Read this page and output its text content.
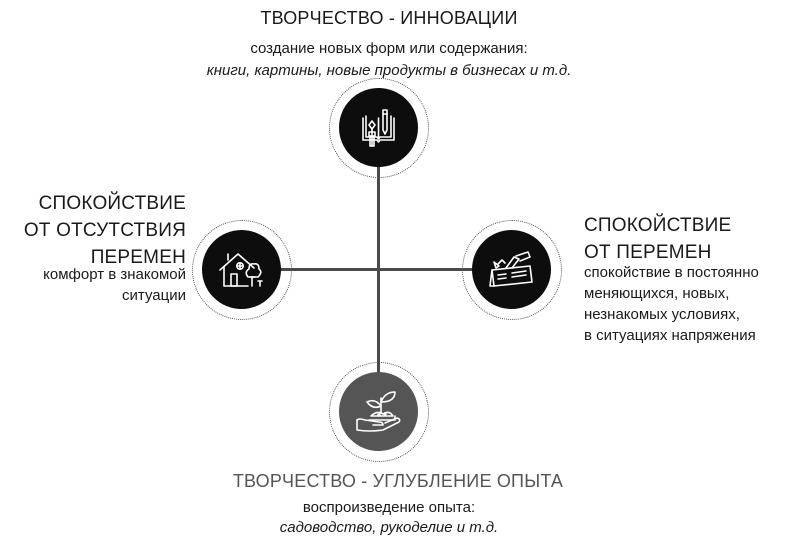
ТВОРЧЕСТВО - ИННОВАЦИИ
создание новых форм или содержания:
книги, картины, новые продукты в бизнесах и т.д.
СПОКОЙСТВИЕ
ОТ ОТСУТСТВИЯ
ПЕРЕМЕН
комфорт в знакомой
ситуации
СПОКОЙСТВИЕ
ОТ ПЕРЕМЕН
спокойствие в постоянно
меняющихся, новых,
незнакомых условиях,
в ситуациях напряжения
ТВОРЧЕСТВО - УГЛУБЛЕНИЕ ОПЫТА
воспроизведение опыта:
садоводство, рукоделие и т.д.
